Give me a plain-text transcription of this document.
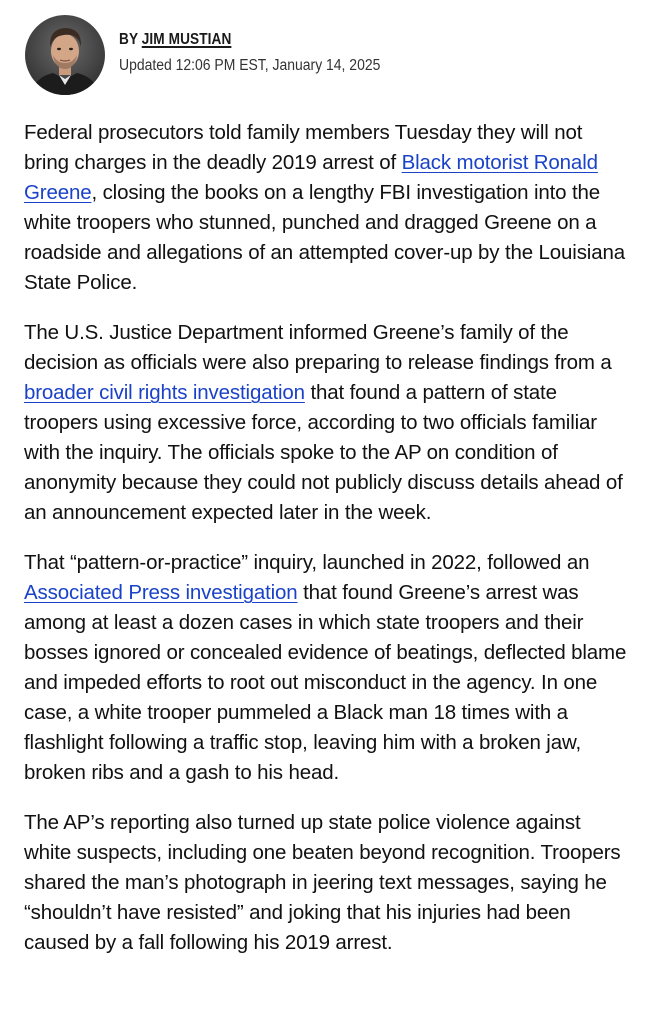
BY JIM MUSTIAN
Updated 12:06 PM EST, January 14, 2025

Federal prosecutors told family members Tuesday they will not bring charges in the deadly 2019 arrest of Black motorist Ronald Greene, closing the books on a lengthy FBI investigation into the white troopers who stunned, punched and dragged Greene on a roadside and allegations of an attempted cover-up by the Louisiana State Police.

The U.S. Justice Department informed Greene’s family of the decision as officials were also preparing to release findings from a broader civil rights investigation that found a pattern of state troopers using excessive force, according to two officials familiar with the inquiry. The officials spoke to the AP on condition of anonymity because they could not publicly discuss details ahead of an announcement expected later in the week.

That “pattern-or-practice” inquiry, launched in 2022, followed an Associated Press investigation that found Greene’s arrest was among at least a dozen cases in which state troopers and their bosses ignored or concealed evidence of beatings, deflected blame and impeded efforts to root out misconduct in the agency. In one case, a white trooper pummeled a Black man 18 times with a flashlight following a traffic stop, leaving him with a broken jaw, broken ribs and a gash to his head.

The AP’s reporting also turned up state police violence against white suspects, including one beaten beyond recognition. Troopers shared the man’s photograph in jeering text messages, saying he “shouldn’t have resisted” and joking that his injuries had been caused by a fall following his 2019 arrest.
